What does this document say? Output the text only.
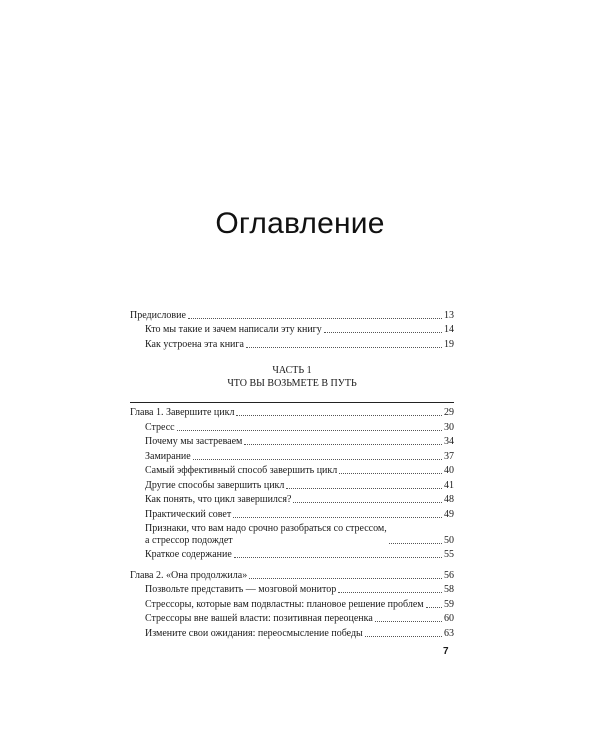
Оглавление
Предисловие	13
Кто мы такие и зачем написали эту книгу	14
Как устроена эта книга	19
ЧАСТЬ 1
ЧТО ВЫ ВОЗЬМЕТЕ В ПУТЬ
Глава 1. Завершите цикл	29
Стресс	30
Почему мы застреваем	34
Замирание	37
Самый эффективный способ завершить цикл	40
Другие способы завершить цикл	41
Как понять, что цикл завершился?	48
Практический совет	49
Признаки, что вам надо срочно разобраться со стрессом,
а стрессор подождет	50
Краткое содержание	55
Глава 2. «Она продолжила»	56
Позвольте представить — мозговой монитор	58
Стрессоры, которые вам подвластны: плановое решение проблем 59
Стрессоры вне вашей власти: позитивная переоценка	60
Измените свои ожидания: переосмысление победы	63
7
